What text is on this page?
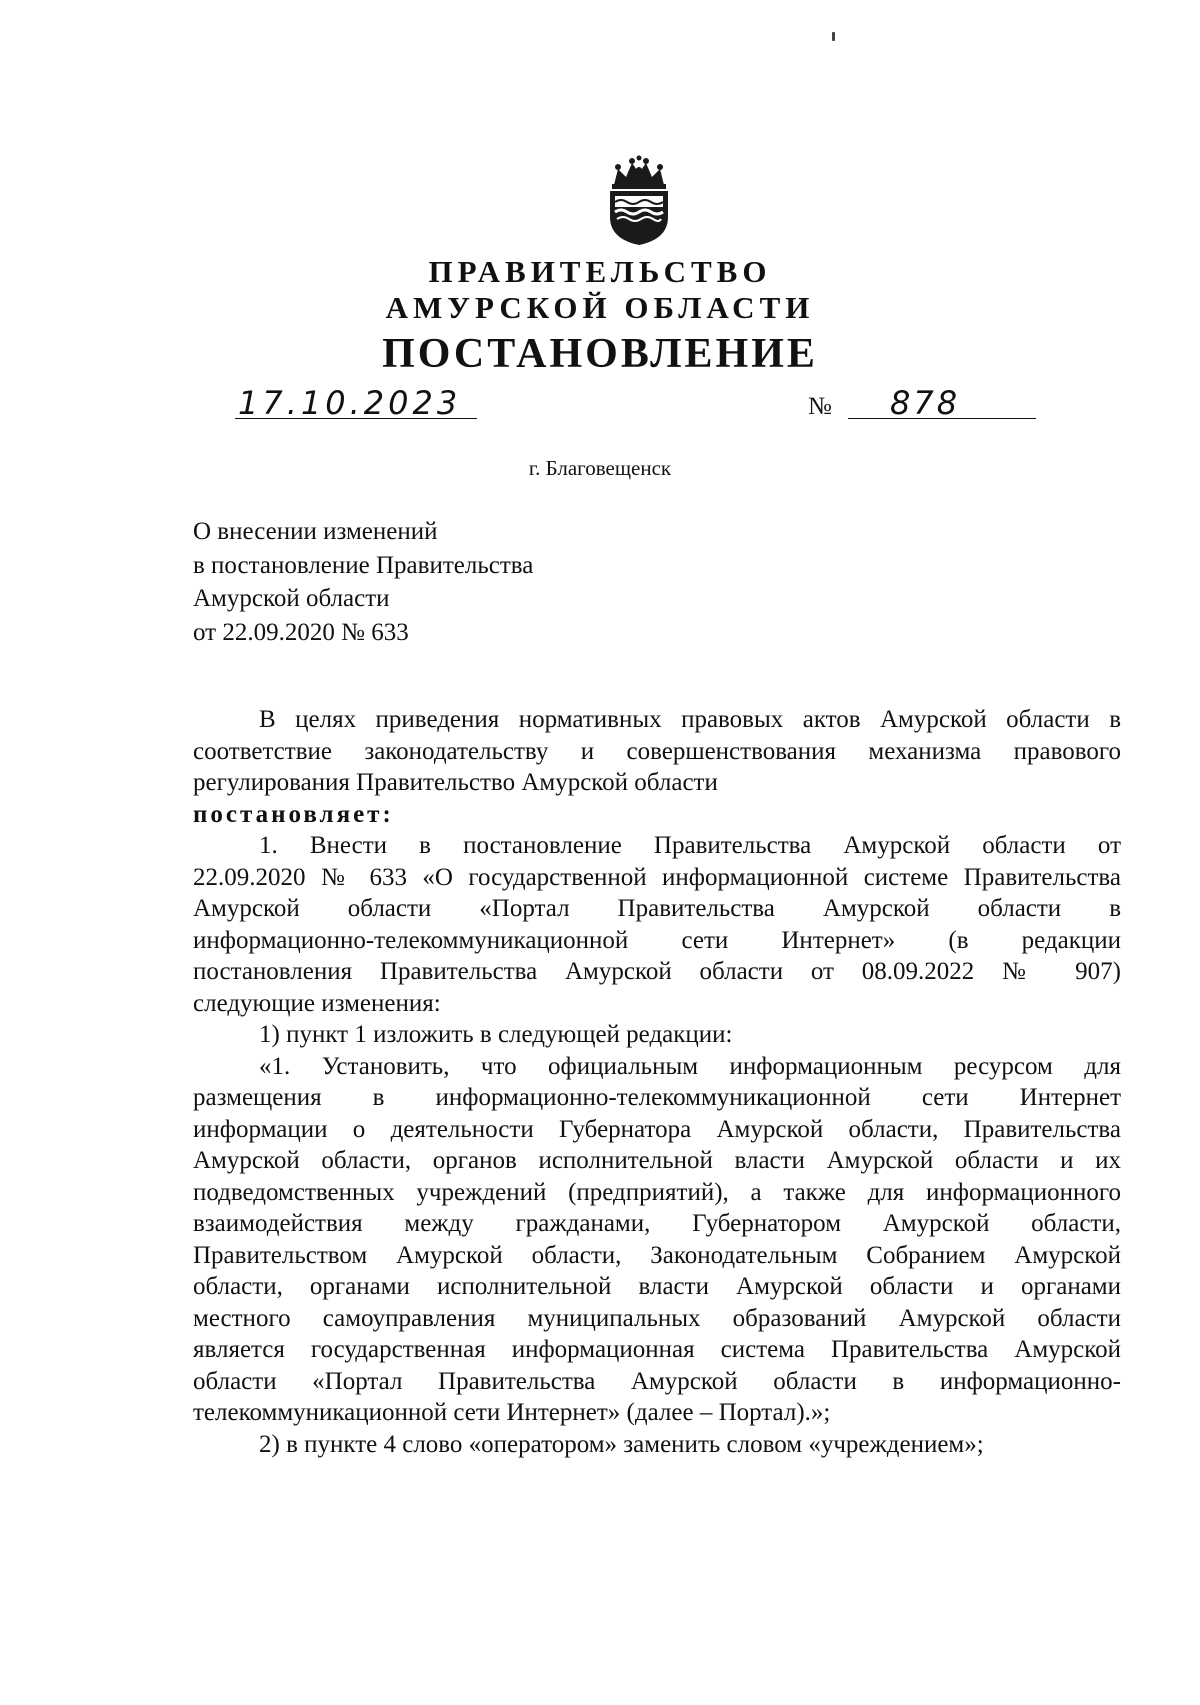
ПРАВИТЕЛЬСТВО
АМУРСКОЙ ОБЛАСТИ
ПОСТАНОВЛЕНИЕ
17.10.2023	№ 878
г. Благовещенск
О внесении изменений
в постановление Правительства
Амурской области
от 22.09.2020 № 633
В целях приведения нормативных правовых актов Амурской области в
соответствие законодательству и совершенствования механизма правового
регулирования Правительство Амурской области
постановляет:
1. Внести в постановление Правительства Амурской области от
22.09.2020 № 633 «О государственной информационной системе Правительства
Амурской области «Портал Правительства Амурской области в
информационно-телекоммуникационной сети Интернет» (в редакции
постановления Правительства Амурской области от 08.09.2022 № 907)
следующие изменения:
1) пункт 1 изложить в следующей редакции:
«1. Установить, что официальным информационным ресурсом для
размещения в информационно-телекоммуникационной сети Интернет
информации о деятельности Губернатора Амурской области, Правительства
Амурской области, органов исполнительной власти Амурской области и их
подведомственных учреждений (предприятий), а также для информационного
взаимодействия между гражданами, Губернатором Амурской области,
Правительством Амурской области, Законодательным Собранием Амурской
области, органами исполнительной власти Амурской области и органами
местного самоуправления муниципальных образований Амурской области
является государственная информационная система Правительства Амурской
области «Портал Правительства Амурской области в информационно-
телекоммуникационной сети Интернет» (далее – Портал).»;
2) в пункте 4 слово «оператором» заменить словом «учреждением»;
